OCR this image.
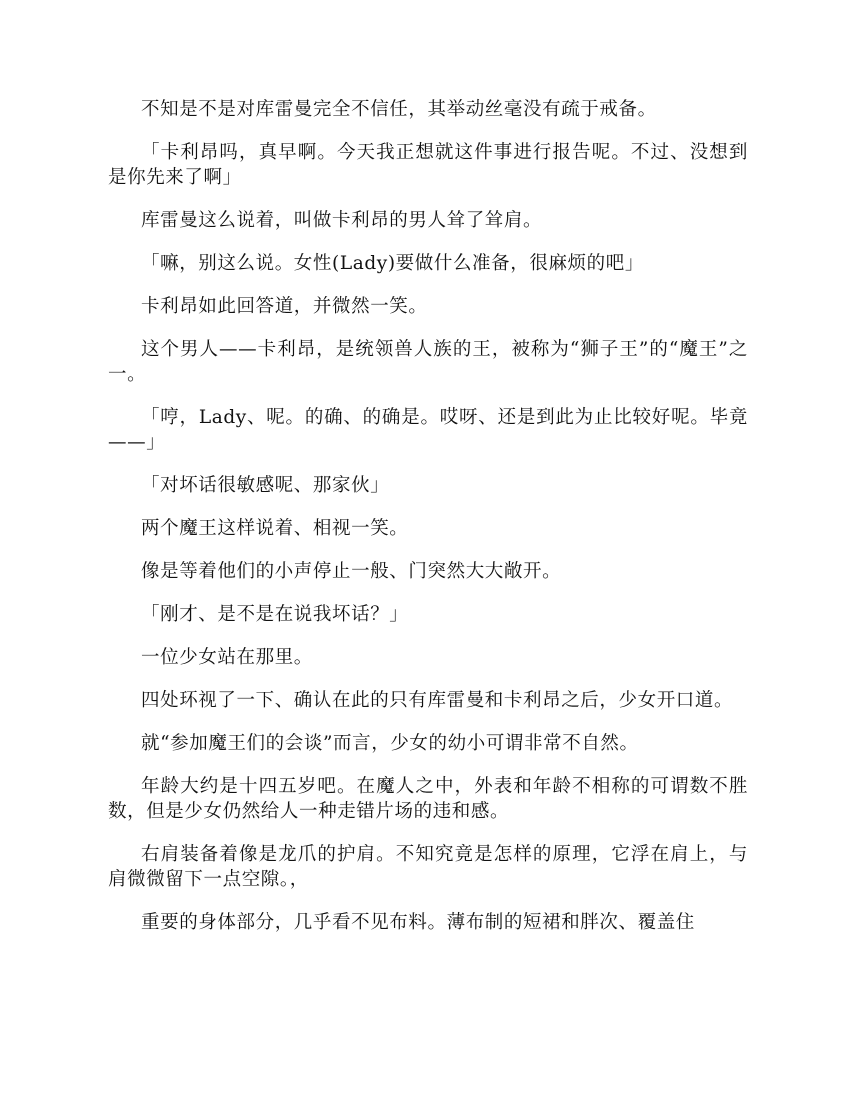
不知是不是对库雷曼完全不信任，其举动丝毫没有疏于戒备。

「卡利昂吗，真早啊。今天我正想就这件事进行报告呢。不过、没想到是你先来了啊」

库雷曼这么说着，叫做卡利昂的男人耸了耸肩。

「嘛，别这么说。女性(Lady)要做什么准备，很麻烦的吧」

卡利昂如此回答道，并微然一笑。

这个男人——卡利昂，是统领兽人族的王，被称为“狮子王”的“魔王”之一。

「哼，Lady、呢。的确、的确是。哎呀、还是到此为止比较好呢。毕竟——」

「对坏话很敏感呢、那家伙」

两个魔王这样说着、相视一笑。

像是等着他们的小声停止一般、门突然大大敞开。

「刚才、是不是在说我坏话？」

一位少女站在那里。

四处环视了一下、确认在此的只有库雷曼和卡利昂之后，少女开口道。

就“参加魔王们的会谈”而言，少女的幼小可谓非常不自然。

年龄大约是十四五岁吧。在魔人之中，外表和年龄不相称的可谓数不胜数，但是少女仍然给人一种走错片场的违和感。

右肩装备着像是龙爪的护肩。不知究竟是怎样的原理，它浮在肩上，与肩微微留下一点空隙。，

重要的身体部分，几乎看不见布料。薄布制的短裙和胖次、覆盖住
